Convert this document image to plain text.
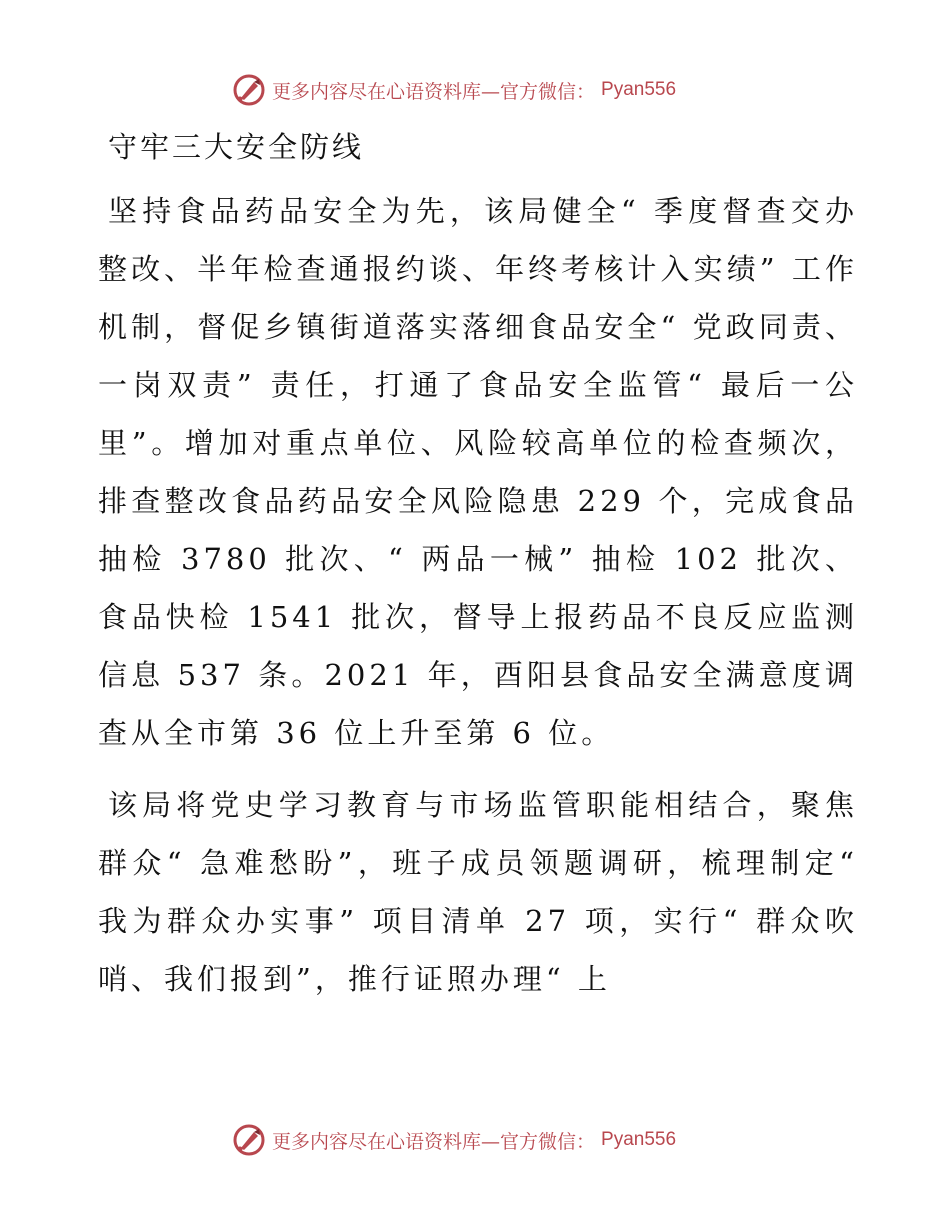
更多内容尽在心语资料库—官方微信： Pyan556
守牢三大安全防线

坚持食品药品安全为先，该局健全“ 季度督查交办整改、半年检查通报约谈、年终考核计入实绩” 工作机制，督促乡镇街道落实落细食品安全“ 党政同责、一岗双责” 责任，打通了食品安全监管“ 最后一公里”。增加对重点单位、风险较高单位的检查频次，排查整改食品药品安全风险隐患 229 个，完成食品抽检 3780 批次、“ 两品一械” 抽检 102 批次、食品快检 1541 批次，督导上报药品不良反应监测信息 537 条。2021 年，酉阳县食品安全满意度调查从全市第 36 位上升至第 6 位。

该局将党史学习教育与市场监管职能相结合，聚焦群众“ 急难愁盼”，班子成员领题调研，梳理制定“ 我为群众办实事” 项目清单 27 项，实行“ 群众吹哨、我们报到”，推行证照办理“ 上

更多内容尽在心语资料库—官方微信： Pyan556
